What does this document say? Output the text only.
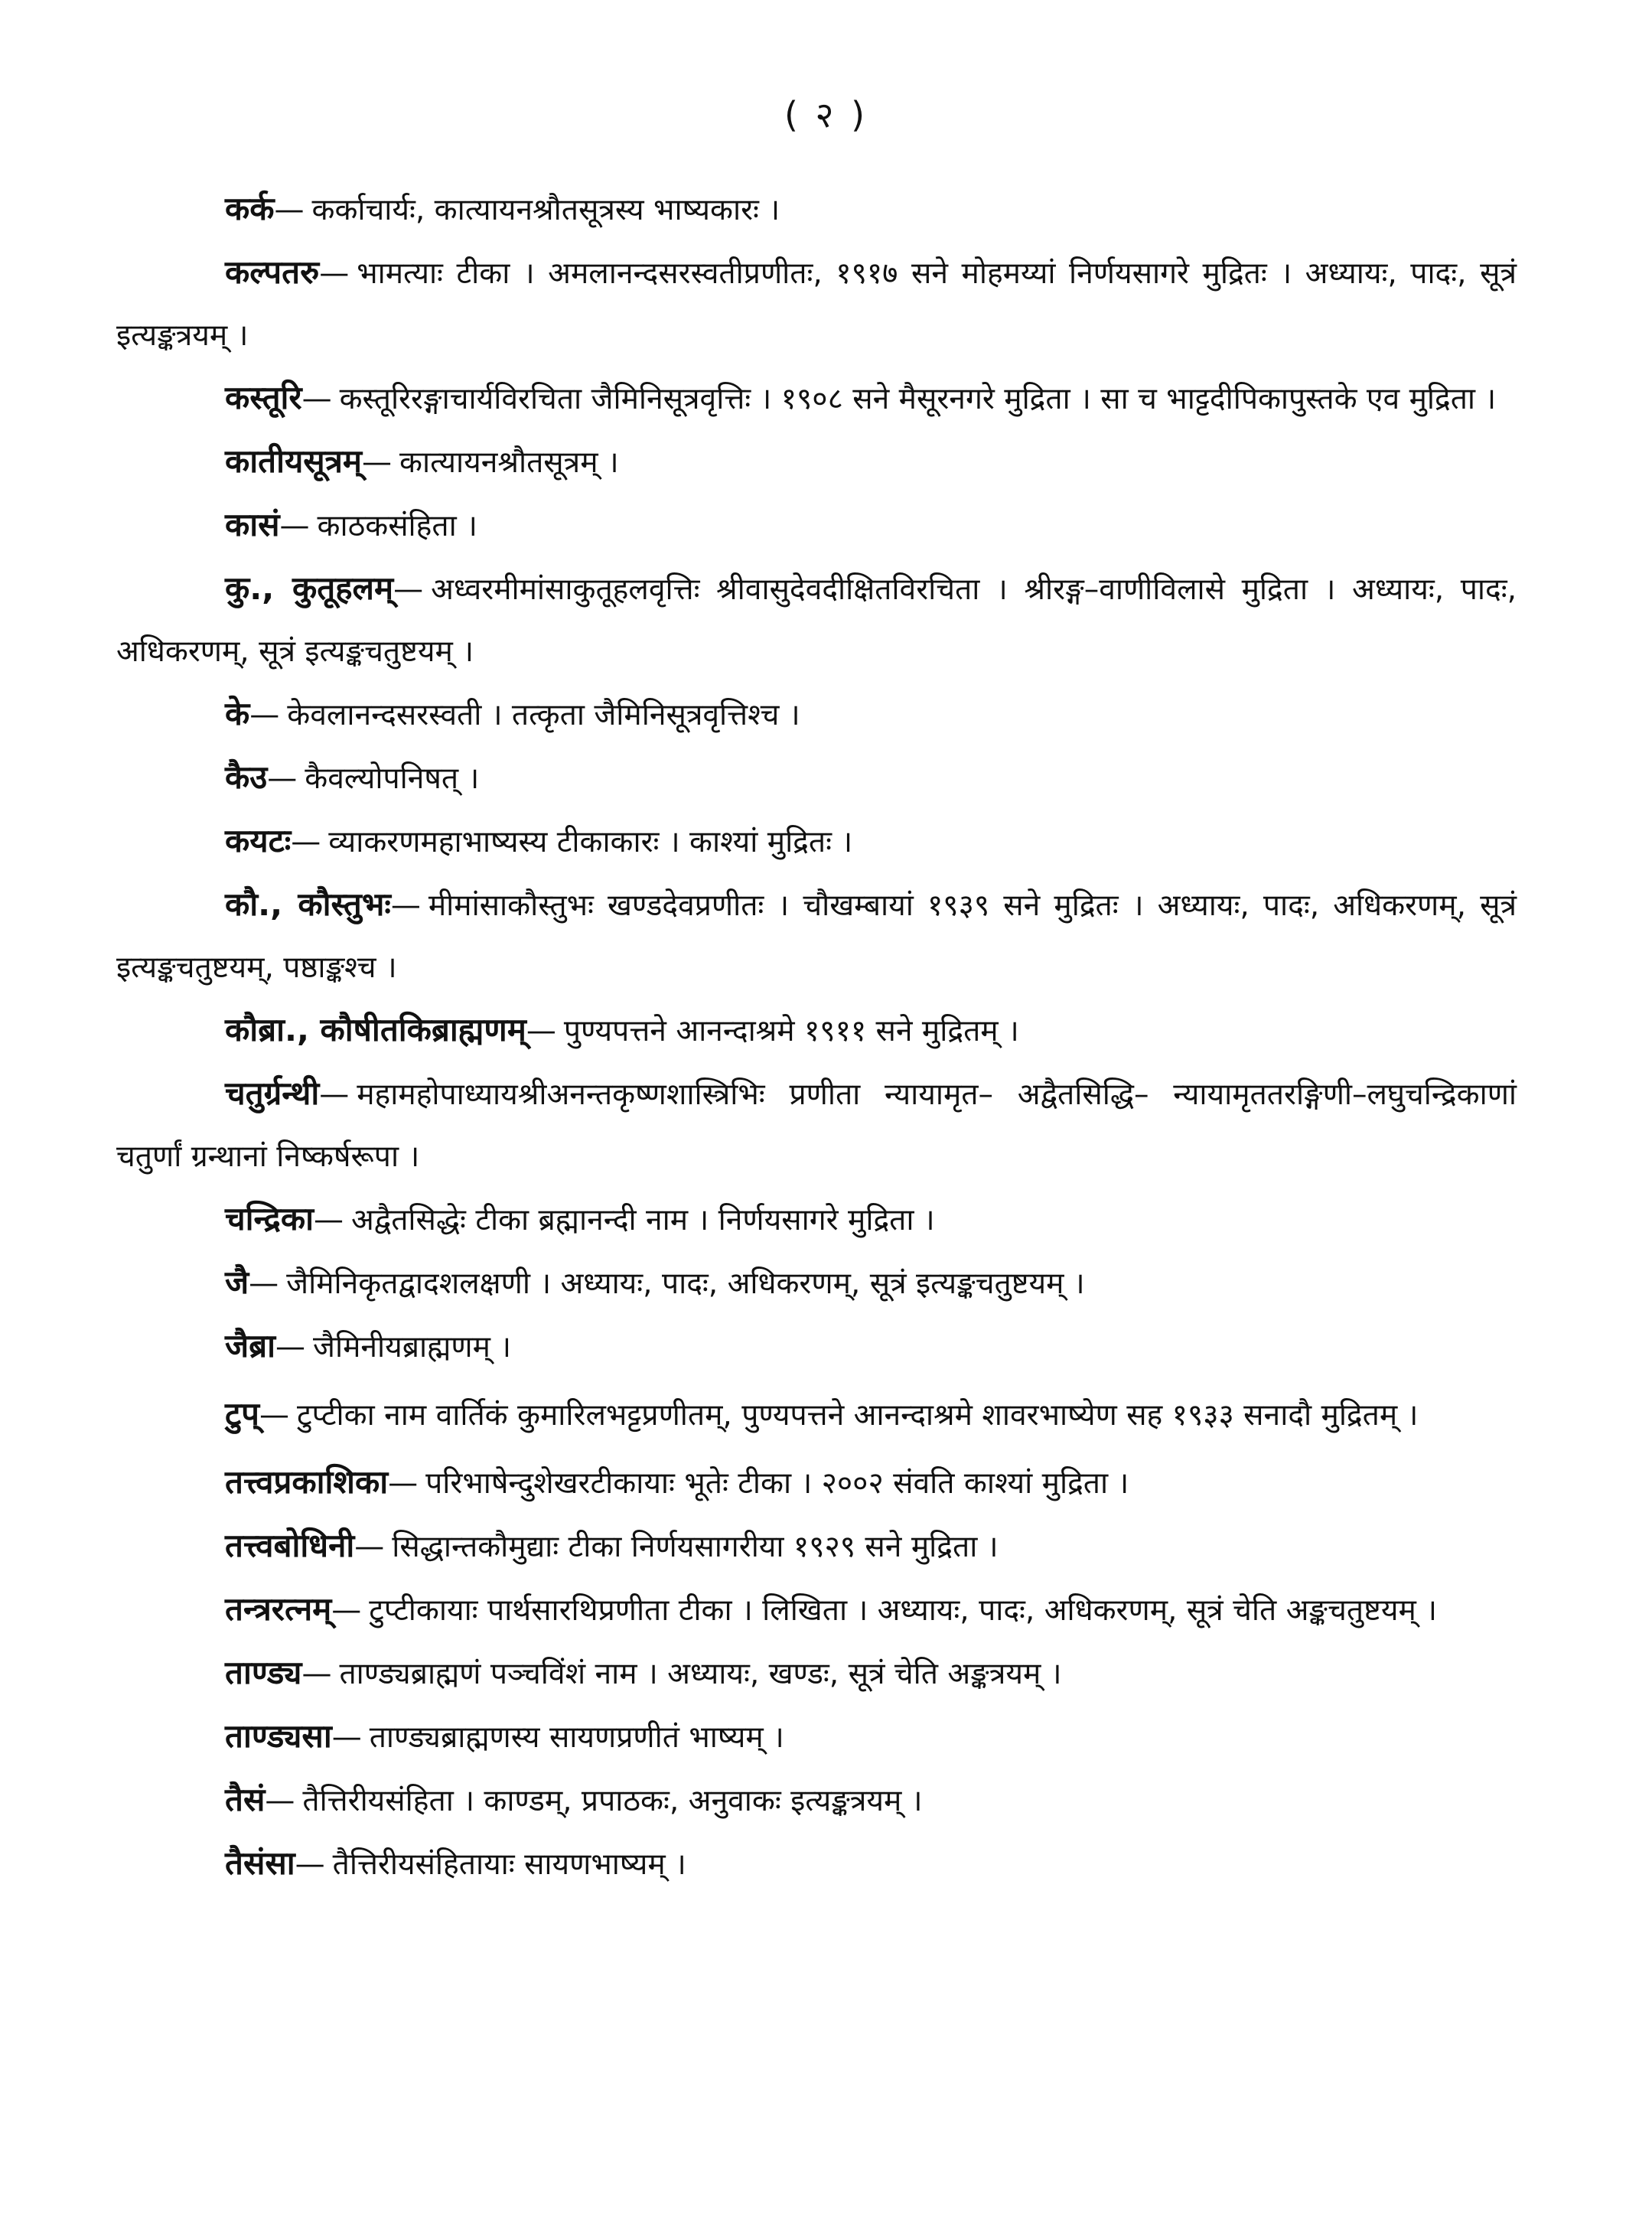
( २ )

कर्क— कर्काचार्यः, कात्यायनश्रौतसूत्रस्य भाष्यकारः ।

कल्पतरु— भामत्याः टीका । अमलानन्दसरस्वतीप्रणीतः, १९१७ सने मोहमय्यां निर्णयसागरे मुद्रितः । अध्यायः, पादः, सूत्रं इत्यङ्कत्रयम् ।

कस्तूरि— कस्तूरिरङ्गाचार्यविरचिता जैमिनिसूत्रवृत्तिः । १९०८ सने मैसूरनगरे मुद्रिता । सा च भाट्टदीपिकापुस्तके एव मुद्रिता ।

कातीयसूत्रम्— कात्यायनश्रौतसूत्रम् ।

कासं— काठकसंहिता ।

कु., कुतूहलम्— अध्वरमीमांसाकुतूहलवृत्तिः श्रीवासुदेवदीक्षितविरचिता । श्रीरङ्ग–वाणीविलासे मुद्रिता । अध्यायः, पादः, अधिकरणम्, सूत्रं इत्यङ्कचतुष्टयम् ।

के— केवलानन्दसरस्वती । तत्कृता जैमिनिसूत्रवृत्तिश्च ।

कैउ— कैवल्योपनिषत् ।

कयटः— व्याकरणमहाभाष्यस्य टीकाकारः । काश्यां मुद्रितः ।

कौ., कौस्तुभः— मीमांसाकौस्तुभः खण्डदेवप्रणीतः । चौखम्बायां १९३९ सने मुद्रितः । अध्यायः, पादः, अधिकरणम्, सूत्रं इत्यङ्कचतुष्टयम्, पष्ठाङ्कश्च ।

कौब्रा., कौषीतकिब्राह्मणम्— पुण्यपत्तने आनन्दाश्रमे १९११ सने मुद्रितम् ।

चतुर्ग्रन्थी— महामहोपाध्यायश्रीअनन्तकृष्णशास्त्रिभिः प्रणीता न्यायामृत– अद्वैतसिद्धि– न्यायामृततरङ्गिणी–लघुचन्द्रिकाणां चतुर्णां ग्रन्थानां निष्कर्षरूपा ।

चन्द्रिका— अद्वैतसिद्धेः टीका ब्रह्मानन्दी नाम । निर्णयसागरे मुद्रिता ।

जै— जैमिनिकृतद्वादशलक्षणी । अध्यायः, पादः, अधिकरणम्, सूत्रं इत्यङ्कचतुष्टयम् ।

जैब्रा— जैमिनीयब्राह्मणम् ।

टुप्— टुप्टीका नाम वार्तिकं कुमारिलभट्टप्रणीतम्, पुण्यपत्तने आनन्दाश्रमे शावरभाष्येण सह १९३३ सनादौ मुद्रितम् ।

तत्त्वप्रकाशिका— परिभाषेन्दुशेखरटीकायाः भूतेः टीका । २००२ संवति काश्यां मुद्रिता ।

तत्त्वबोधिनी— सिद्धान्तकौमुद्याः टीका निर्णयसागरीया १९२९ सने मुद्रिता ।

तन्त्ररत्नम्— टुप्टीकायाः पार्थसारथिप्रणीता टीका । लिखिता । अध्यायः, पादः, अधिकरणम्, सूत्रं चेति अङ्कचतुष्टयम् ।

ताण्ड्य— ताण्ड्यब्राह्मणं पञ्चविंशं नाम । अध्यायः, खण्डः, सूत्रं चेति अङ्कत्रयम् ।

ताण्ड्यसा— ताण्ड्यब्राह्मणस्य सायणप्रणीतं भाष्यम् ।

तैसं— तैत्तिरीयसंहिता । काण्डम्, प्रपाठकः, अनुवाकः इत्यङ्कत्रयम् ।

तैसंसा— तैत्तिरीयसंहितायाः सायणभाष्यम् ।
